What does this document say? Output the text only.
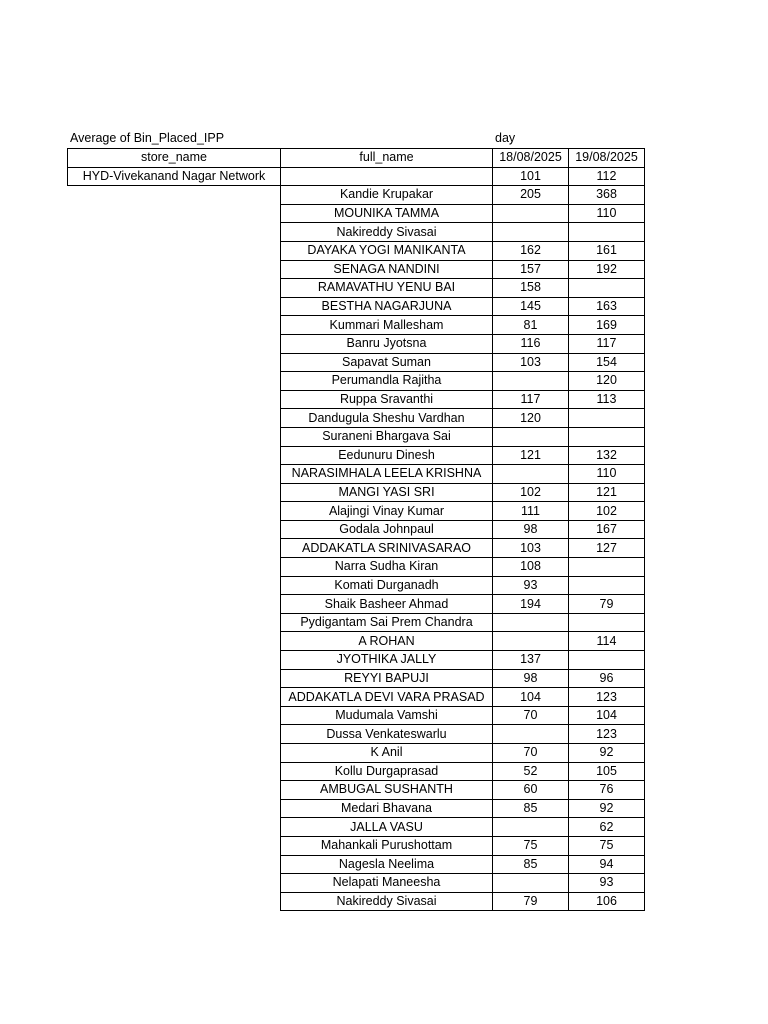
Average of Bin_Placed_IPP	day
store_name	full_name	18/08/2025	19/08/2025
HYD-Vivekanand Nagar Network		101	112
	Kandie Krupakar	205	368
	MOUNIKA TAMMA		110
	Nakireddy Sivasai		
	DAYAKA YOGI MANIKANTA	162	161
	SENAGA NANDINI	157	192
	RAMAVATHU YENU BAI	158	
	BESTHA NAGARJUNA	145	163
	Kummari Mallesham	81	169
	Banru Jyotsna	116	117
	Sapavat Suman	103	154
	Perumandla Rajitha		120
	Ruppa Sravanthi	117	113
	Dandugula Sheshu Vardhan	120	
	Suraneni Bhargava Sai		
	Eedunuru Dinesh	121	132
	NARASIMHALA LEELA KRISHNA		110
	MANGI YASI SRI	102	121
	Alajingi Vinay Kumar	111	102
	Godala Johnpaul	98	167
	ADDAKATLA SRINIVASARAO	103	127
	Narra Sudha Kiran	108	
	Komati Durganadh	93	
	Shaik Basheer Ahmad	194	79
	Pydigantam Sai Prem Chandra		
	A ROHAN		114
	JYOTHIKA JALLY	137	
	REYYI BAPUJI	98	96
	ADDAKATLA DEVI VARA PRASAD	104	123
	Mudumala Vamshi	70	104
	Dussa Venkateswarlu		123
	K Anil	70	92
	Kollu Durgaprasad	52	105
	AMBUGAL SUSHANTH	60	76
	Medari Bhavana	85	92
	JALLA VASU		62
	Mahankali Purushottam	75	75
	Nagesla Neelima	85	94
	Nelapati Maneesha		93
	Nakireddy Sivasai	79	106
